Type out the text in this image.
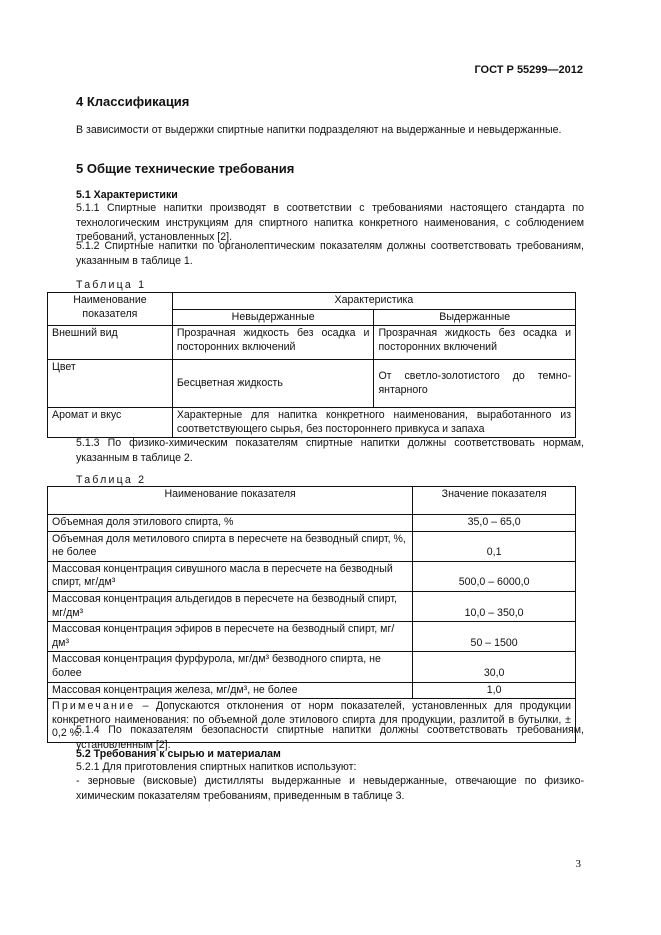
ГОСТ Р 55299—2012
4 Классификация
В зависимости от выдержки спиртные напитки подразделяют на выдержанные и невыдержанные.
5 Общие технические требования
5.1 Характеристики
5.1.1 Спиртные напитки производят в соответствии с требованиями настоящего стандарта по технологическим инструкциям для спиртного напитка конкретного наименования, с соблюдением требований, установленных [2].
5.1.2 Спиртные напитки по органолептическим показателям должны соответствовать требованиям, указанным в таблице 1.
Таблица 1
Наименование показателя	Характеристика	
	Невыдержанные	Выдержанные
Внешний вид	Прозрачная жидкость без осадка и посторонних включений	Прозрачная жидкость без осадка и посторонних включений
Цвет	Бесцветная жидкость	От светло-золотистого до темно-янтарного
Аромат и вкус	Характерные для напитка конкретного наименования, выработанного из соответствующего сырья, без постороннего привкуса и запаха	
5.1.3 По физико-химическим показателям спиртные напитки должны соответствовать нормам, указанным в таблице 2.
Таблица 2
Наименование показателя	Значение показателя
Объемная доля этилового спирта, %	35,0 – 65,0
Объемная доля метилового спирта в пересчете на безводный спирт, %, не более	0,1
Массовая концентрация сивушного масла в пересчете на безводный спирт, мг/дм³	500,0 – 6000,0
Массовая концентрация альдегидов в пересчете на безводный спирт, мг/дм³	10,0 – 350,0
Массовая концентрация эфиров в пересчете на безводный спирт, мг/дм³	50 – 1500
Массовая концентрация фурфурола, мг/дм³ безводного спирта, не более	30,0
Массовая концентрация железа, мг/дм³, не более	1,0
Примечание – Допускаются отклонения от норм показателей, установленных для продукции конкретного наименования: по объемной доле этилового спирта для продукции, разлитой в бутылки, ± 0,2 %.	
5.1.4 По показателям безопасности спиртные напитки должны соответствовать требованиям, установленным [2].
5.2 Требования к сырью и материалам
5.2.1 Для приготовления спиртных напитков используют:
- зерновые (висковые) дистилляты выдержанные и невыдержанные, отвечающие по физико-химическим показателям требованиям, приведенным в таблице 3.
3
